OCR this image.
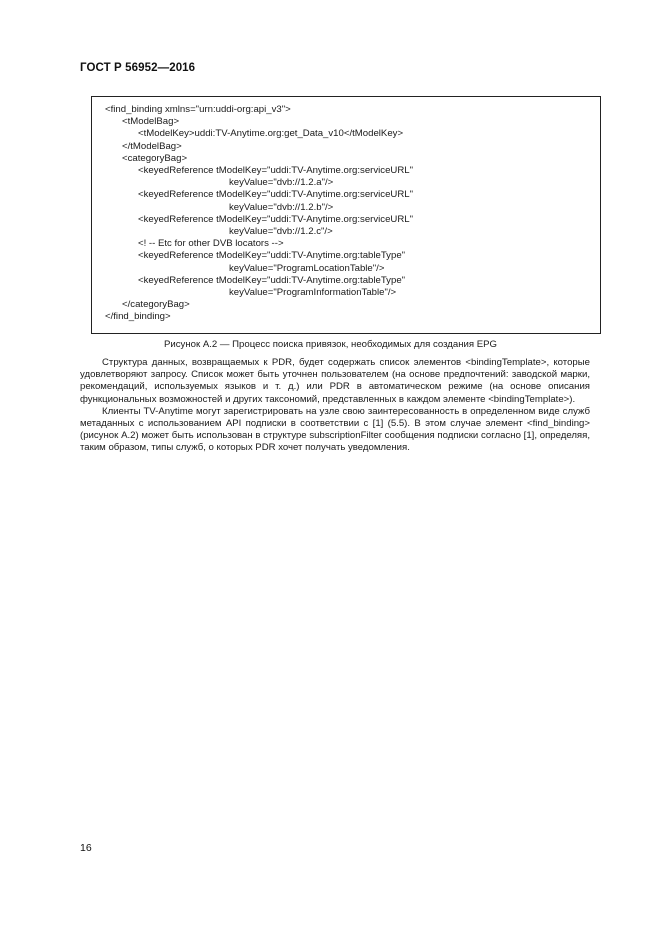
ГОСТ Р 56952—2016
<find_binding xmlns="urn:uddi-org:api_v3">
<tModelBag>
<tModelKey>uddi:TV-Anytime.org:get_Data_v10</tModelKey>
</tModelBag>
<categoryBag>
<keyedReference tModelKey="uddi:TV-Anytime.org:serviceURL"
keyValue="dvb://1.2.a"/>
<keyedReference tModelKey="uddi:TV-Anytime.org:serviceURL"
keyValue="dvb://1.2.b"/>
<keyedReference tModelKey="uddi:TV-Anytime.org:serviceURL"
keyValue="dvb://1.2.c"/>
<! -- Etc for other DVB locators -->
<keyedReference tModelKey="uddi:TV-Anytime.org:tableType"
keyValue="ProgramLocationTable"/>
<keyedReference tModelKey="uddi:TV-Anytime.org:tableType"
keyValue="ProgramInformationTable"/>
</categoryBag>
</find_binding>
Рисунок А.2 — Процесс поиска привязок, необходимых для создания EPG

Структура данных, возвращаемых к PDR, будет содержать список элементов <bindingTemplate>, которые удовлетворяют запросу. Список может быть уточнен пользователем (на основе предпочтений: заводской марки, рекомендаций, используемых языков и т. д.) или PDR в автоматическом режиме (на основе описания функциональных возможностей и других таксономий, представленных в каждом элементе <bindingTemplate>).

Клиенты TV-Anytime могут зарегистрировать на узле свою заинтересованность в определенном виде служб метаданных с использованием API подписки в соответствии с [1] (5.5). В этом случае элемент <find_binding> (рисунок А.2) может быть использован в структуре subscriptionFilter сообщения подписки согласно [1], определяя, таким образом, типы служб, о которых PDR хочет получать уведомления.

16
